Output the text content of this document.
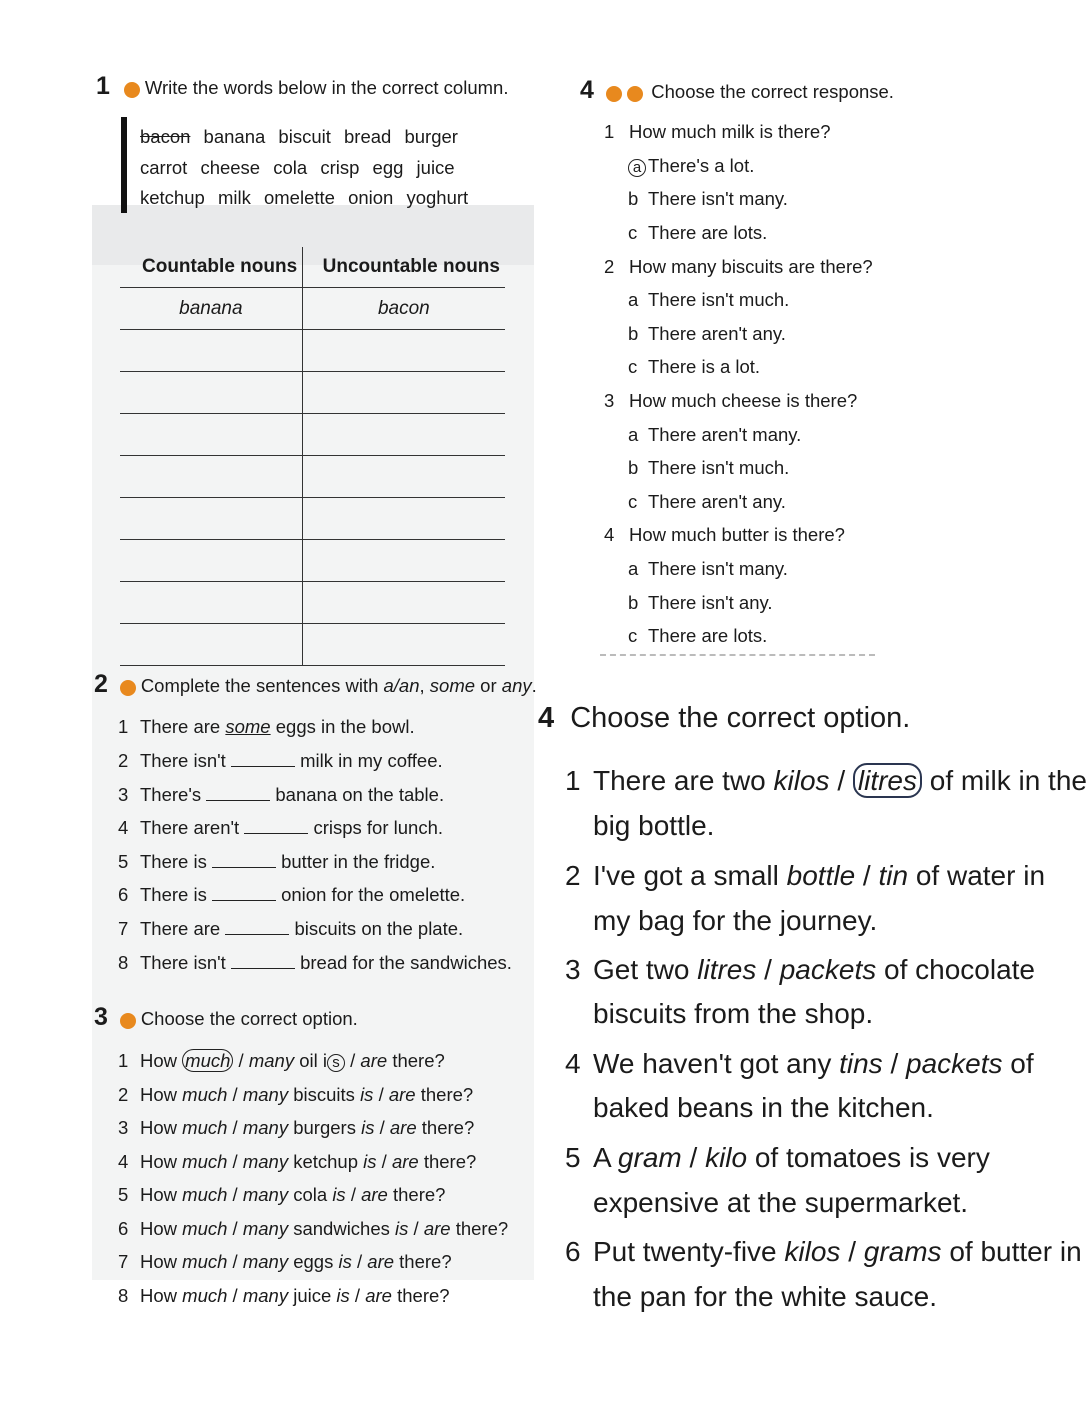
1 Write the words below in the correct column.
bacon banana biscuit bread burger
carrot cheese cola crisp egg juice
ketchup milk omelette onion yoghurt
Countable nouns	Uncountable nouns
banana	bacon

2 Complete the sentences with a/an, some or any.
1 There are some eggs in the bowl.
2 There isn't	milk in my coffee.
3 There's	banana on the table.
4 There aren't	crisps for lunch.
5 There is	butter in the fridge.
6 There is	onion for the omelette.
7 There are	biscuits on the plate.
8 There isn't	bread for the sandwiches.
3 Choose the correct option.
1 How much / many oil i s / are there?
2 How much / many biscuits is / are there?
3 How much / many burgers is / are there?
4 How much / many ketchup is / are there?
5 How much / many cola is / are there?
6 How much / many sandwiches is / are there?
7 How much / many eggs is / are there?
8 How much / many juice is / are there?
4	Choose the correct response.
1 How much milk is there?
a There's a lot.
b There isn't many.
c There are lots.
2 How many biscuits are there?
a There isn't much.
b There aren't any.
c There is a lot.
3 How much cheese is there?
a There aren't many.
b There isn't much.
c There aren't any.
4 How much butter is there?
a There isn't many.
b There isn't any.
c There are lots.
4 Choose the correct option.
1 There are two kilos / litres of milk in the
big bottle.
2 I've got a small bottle / tin of water in
my bag for the journey.
3 Get two litres / packets of chocolate
biscuits from the shop.
4 We haven't got any tins / packets of
baked beans in the kitchen.
5 A gram / kilo of tomatoes is very
expensive at the supermarket.
6 Put twenty-five kilos / grams of butter in
the pan for the white sauce.
